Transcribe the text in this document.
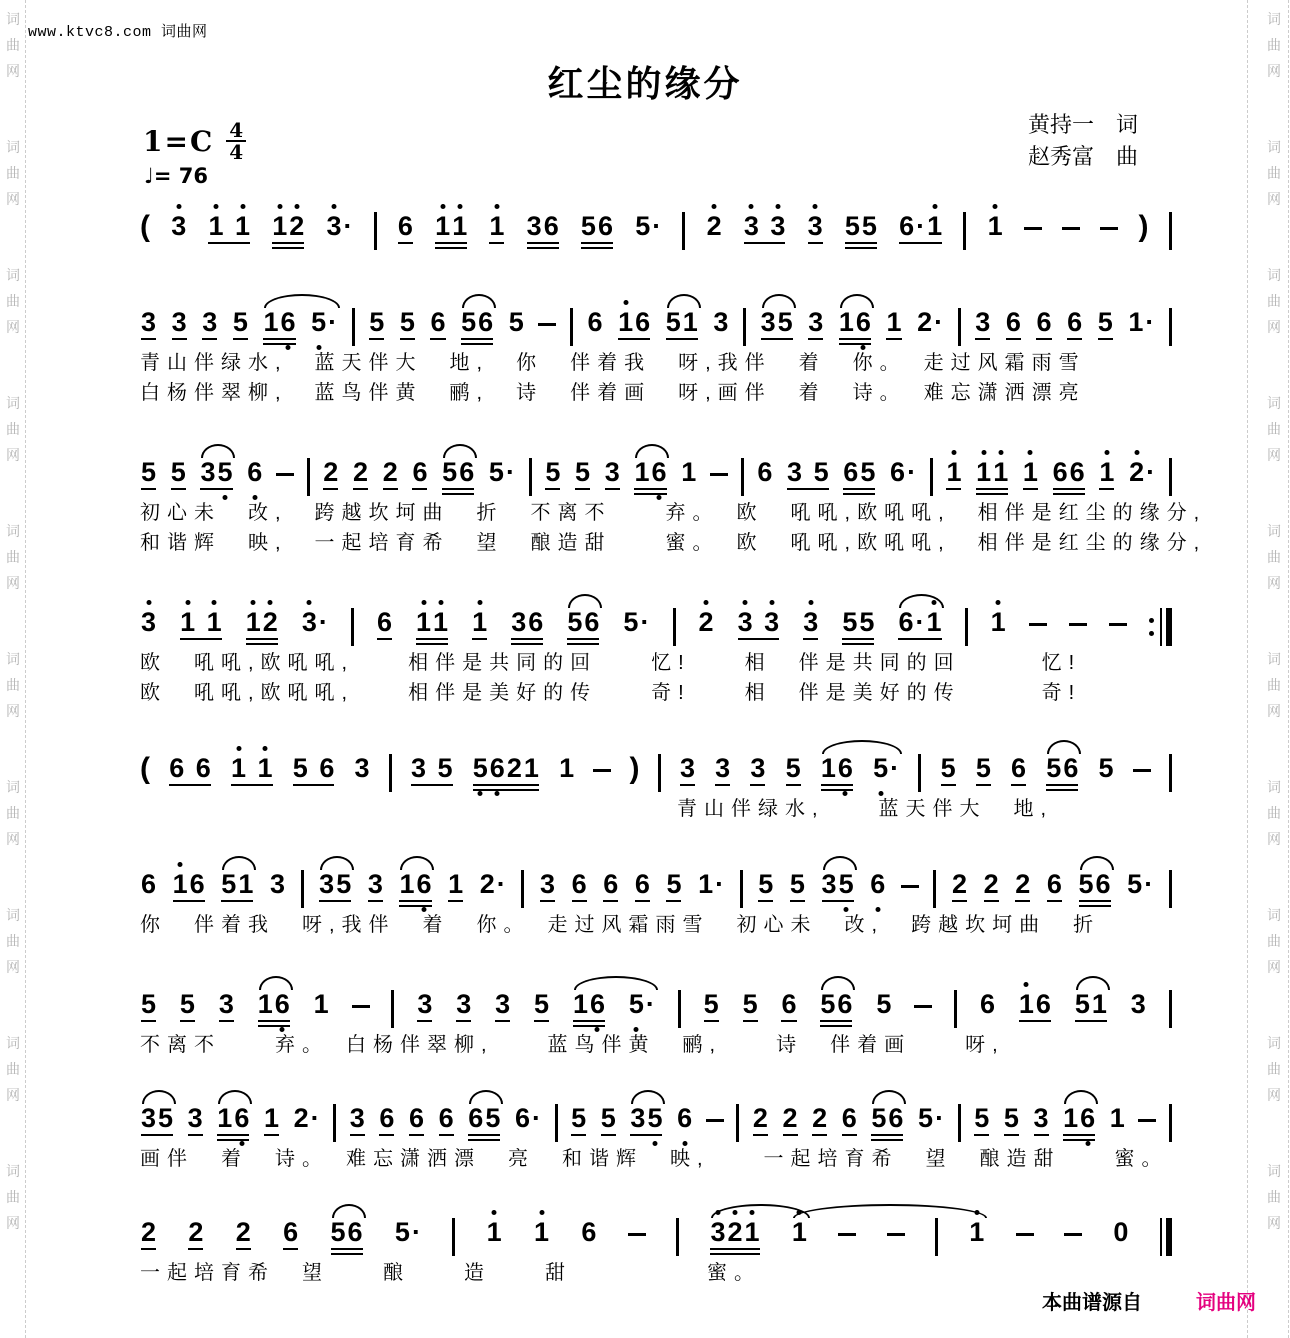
词
曲
网
词
曲
网
词
曲
网
词
曲
网
词
曲
网
词
曲
网
词
曲
网
词
曲
网
词
曲
网
词
曲
网
词
曲
网
词
曲
网
词
曲
网
词
曲
网
词
曲
网
词
曲
网
词
曲
网
词
曲
网
词
曲
网
词
曲
网
www.ktvc8.com 词曲网
红尘的缘分
$1=C \frac{4}{4}$
♩= 76
黄持一 词
赵秀富 曲
( 3 1 1 1
2 3
· 6 1
1 1 36 56 5· 2 3 3 3 55 6·1 1	)
3 3 3 5 16 5
· 5 5 6 56 5 6 1
6 51 3 35 3 16 1 2· 3 6 6 6 5 1·
青山伴绿水,　蓝天伴大　地,　你　伴着我　呀,我伴　着　你。　走过风霜雨雪
白杨伴翠柳,　蓝鸟伴黄　鹂,　诗　伴着画　呀,画伴　着　诗。　难忘潇洒漂亮
5 5 35 6 2 2 2 6 56 5· 5 5 3 16 1 6 3 5 65 6· 1 1
1 1 66 1 2
·
初心未　改,　跨越坎坷曲　折　不离不　　弃。　欧　吼吼,欧吼吼,　相伴是红尘的缘分,
和谐辉　映,　一起培育希　望　酿造甜　　蜜。　欧　吼吼,欧吼吼,　相伴是红尘的缘分,
3 1 1 1
2 3
· 6 1
1 1 36 56 5· 2 3 3 3 55 6·1 1
欧　吼吼,欧吼吼,　　相伴是共同的回　　忆!　　相　伴是共同的回　　　忆!
欧　吼吼,欧吼吼,　　相伴是美好的传　　奇!　　相　伴是美好的传　　　奇!
( 6 6 1 1 5 6 3 3 5 5
6
21 1 ) 3 3 3 5 16 5
· 5 5 6 56 5
青山伴绿水,　　蓝天伴大　地,
6 1
6 51 3 35 3 16 1 2· 3 6 6 6 5 1· 5 5 35 6 2 2 2 6 56 5·
你　伴着我　呀,我伴　着　你。　走过风霜雨雪　初心未　改,　跨越坎坷曲　折
5 5 3 16 1	3 3 3 5 16 5
· 5 5 6 56 5	6 1
6 51 3
不离不　　弃。　白杨伴翠柳,　　蓝鸟伴黄　鹂,　　诗　伴着画　　呀,
35 3 16 1 2· 3 6 6 6 65 6· 5 5 35 6 2 2 2 6 56 5· 5 5 3 16 1
画伴　着　诗。　难忘潇洒漂　亮　和谐辉　映,　　一起培育希　望　酿造甜　　蜜。
2 2 2 6 56 5· 1 1 6	3
2
1 1	1	0
一起培育希　望　　酿　　造　　甜　　　　　蜜。
本曲谱源自	词曲网
